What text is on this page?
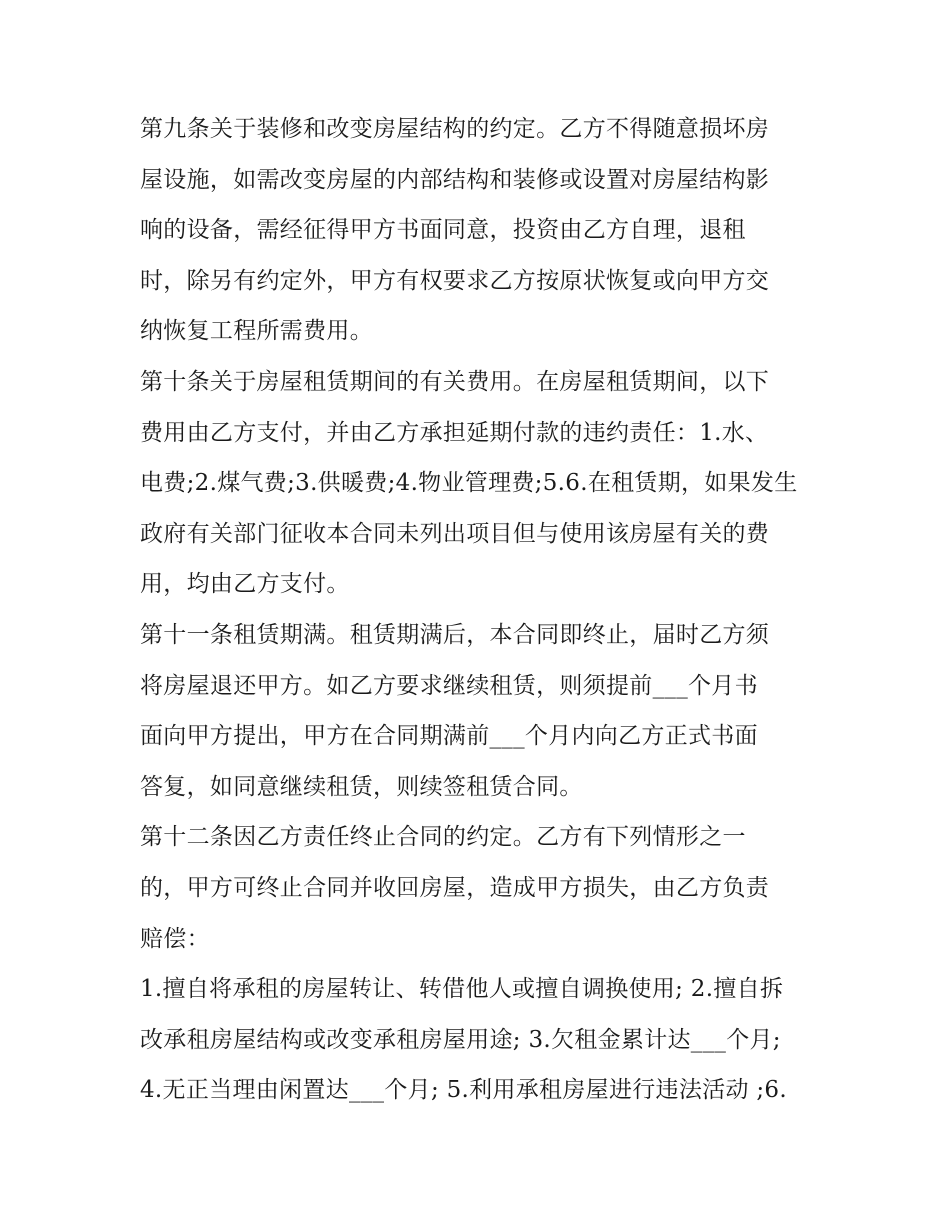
第九条关于装修和改变房屋结构的约定。乙方不得随意损坏房
屋设施，如需改变房屋的内部结构和装修或设置对房屋结构影
响的设备，需经征得甲方书面同意，投资由乙方自理，退租
时，除另有约定外，甲方有权要求乙方按原状恢复或向甲方交
纳恢复工程所需费用。
第十条关于房屋租赁期间的有关费用。在房屋租赁期间，以下
费用由乙方支付，并由乙方承担延期付款的违约责任：1.水、
电费;2.煤气费;3.供暖费;4.物业管理费;5.6.在租赁期，如果发生
政府有关部门征收本合同未列出项目但与使用该房屋有关的费
用，均由乙方支付。
第十一条租赁期满。租赁期满后，本合同即终止，届时乙方须
将房屋退还甲方。如乙方要求继续租赁，则须提前___个月书
面向甲方提出，甲方在合同期满前___个月内向乙方正式书面
答复，如同意继续租赁，则续签租赁合同。
第十二条因乙方责任终止合同的约定。乙方有下列情形之一
的，甲方可终止合同并收回房屋，造成甲方损失，由乙方负责
赔偿：
1.擅自将承租的房屋转让、转借他人或擅自调换使用; 2.擅自拆
改承租房屋结构或改变承租房屋用途; 3.欠租金累计达___个月;
4.无正当理由闲置达___个月; 5.利用承租房屋进行违法活动 ;6.
